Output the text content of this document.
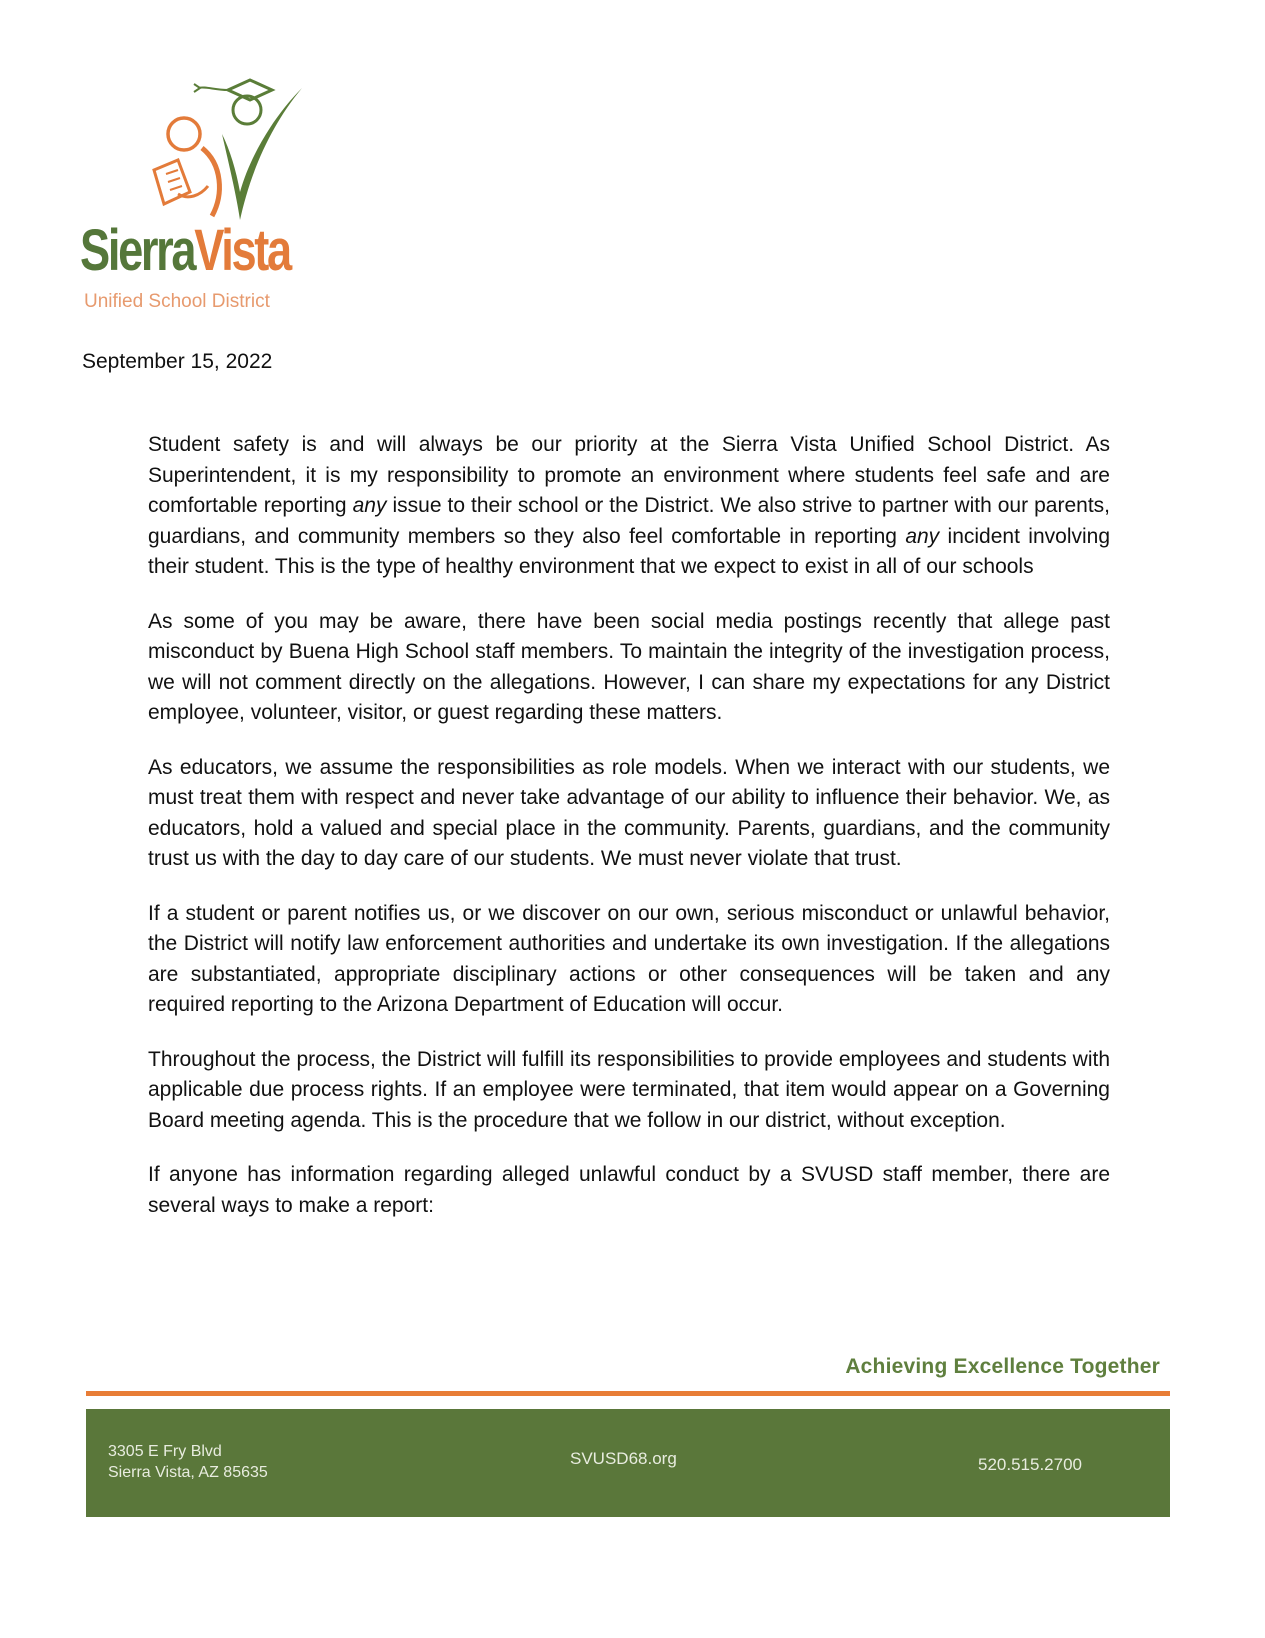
SierraVista
Unified School District
September 15, 2022

Student safety is and will always be our priority at the Sierra Vista Unified School District. As Superintendent, it is my responsibility to promote an environment where students feel safe and are comfortable reporting any issue to their school or the District. We also strive to partner with our parents, guardians, and community members so they also feel comfortable in reporting any incident involving their student. This is the type of healthy environment that we expect to exist in all of our schools

As some of you may be aware, there have been social media postings recently that allege past misconduct by Buena High School staff members. To maintain the integrity of the investigation process, we will not comment directly on the allegations. However, I can share my expectations for any District employee, volunteer, visitor, or guest regarding these matters.

As educators, we assume the responsibilities as role models. When we interact with our students, we must treat them with respect and never take advantage of our ability to influence their behavior. We, as educators, hold a valued and special place in the community. Parents, guardians, and the community trust us with the day to day care of our students. We must never violate that trust.

If a student or parent notifies us, or we discover on our own, serious misconduct or unlawful behavior, the District will notify law enforcement authorities and undertake its own investigation. If the allegations are substantiated, appropriate disciplinary actions or other consequences will be taken and any required reporting to the Arizona Department of Education will occur.

Throughout the process, the District will fulfill its responsibilities to provide employees and students with applicable due process rights. If an employee were terminated, that item would appear on a Governing Board meeting agenda. This is the procedure that we follow in our district, without exception.

If anyone has information regarding alleged unlawful conduct by a SVUSD staff member, there are several ways to make a report:

Achieving Excellence Together
3305 E Fry Blvd
Sierra Vista, AZ 85635
SVUSD68.org	520.515.2700
